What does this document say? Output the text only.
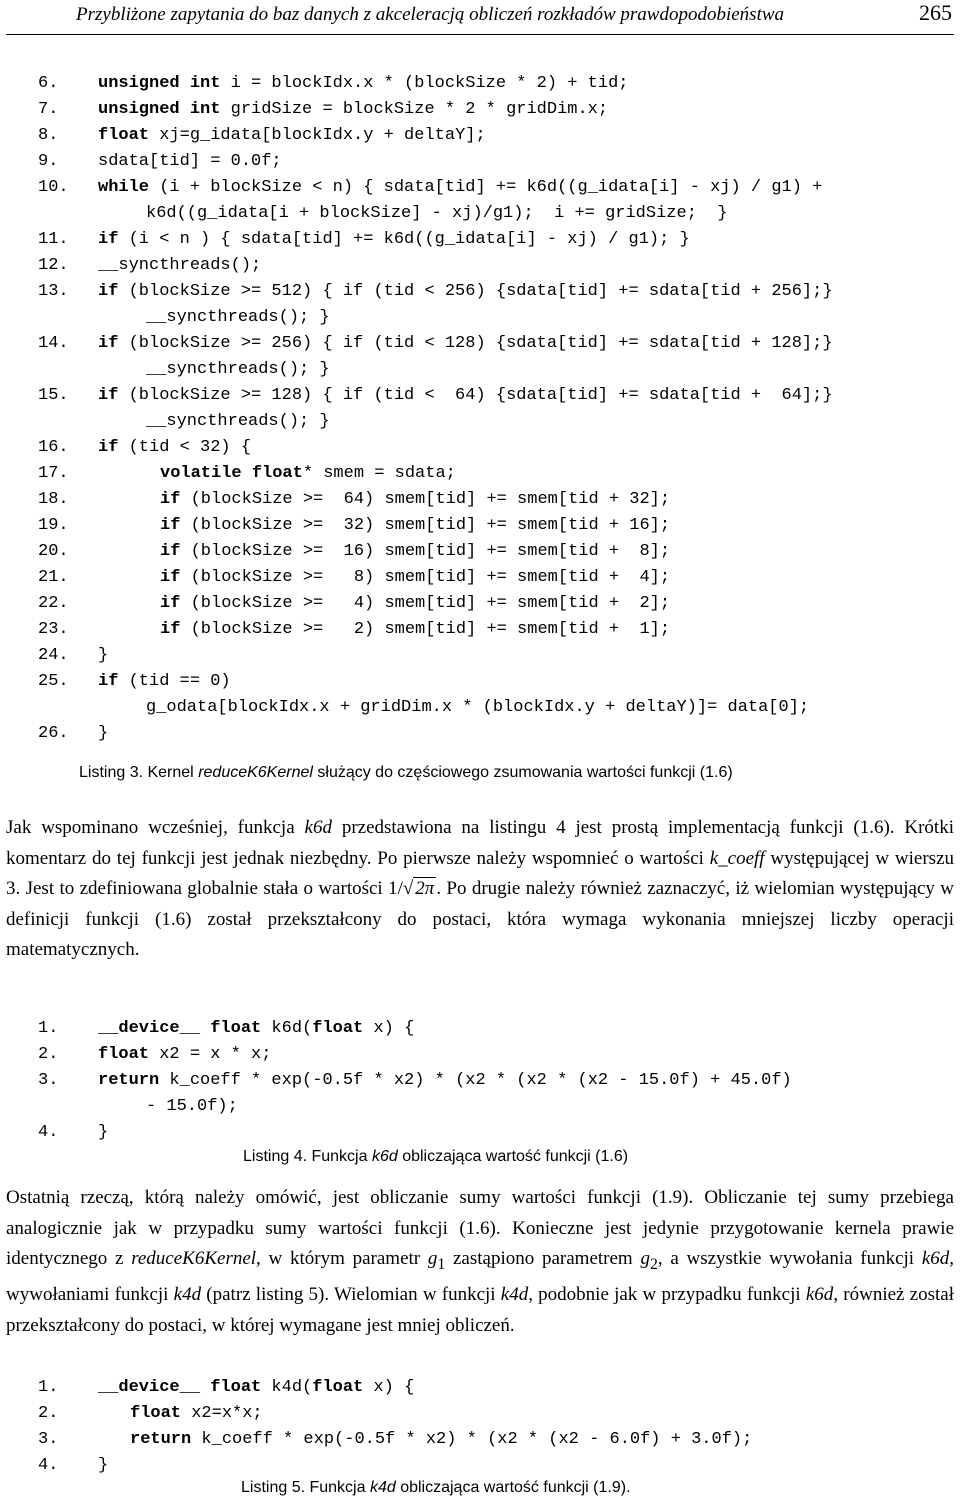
Przybliżone zapytania do baz danych z akceleracją obliczeń rozkładów prawdopodobieństwa	265
6. unsigned int i = blockIdx.x * (blockSize * 2) + tid;
7. unsigned int gridSize = blockSize * 2 * gridDim.x;
8. float xj=g_idata[blockIdx.y + deltaY];
9. sdata[tid] = 0.0f;
10. while (i + blockSize < n) { sdata[tid] += k6d((g_idata[i] - xj) / g1) +
k6d((g_idata[i + blockSize] - xj)/g1);  i += gridSize;  }
11. if (i < n ) { sdata[tid] += k6d((g_idata[i] - xj) / g1); }
12. __syncthreads();
13. if (blockSize >= 512) { if (tid < 256) {sdata[tid] += sdata[tid + 256];}
__syncthreads(); }
14. if (blockSize >= 256) { if (tid < 128) {sdata[tid] += sdata[tid + 128];}
__syncthreads(); }
15. if (blockSize >= 128) { if (tid <  64) {sdata[tid] += sdata[tid +  64];}
__syncthreads(); }
16. if (tid < 32) {
17.	volatile float* smem = sdata;
18.	if (blockSize >=  64) smem[tid] += smem[tid + 32];
19.	if (blockSize >=  32) smem[tid] += smem[tid + 16];
20.	if (blockSize >=  16) smem[tid] += smem[tid +  8];
21.	if (blockSize >=   8) smem[tid] += smem[tid +  4];
22.	if (blockSize >=   4) smem[tid] += smem[tid +  2];
23.	if (blockSize >=   2) smem[tid] += smem[tid +  1];
24. }
25. if (tid == 0)
g_odata[blockIdx.x + gridDim.x * (blockIdx.y + deltaY)]= data[0];
26. }
Listing 3. Kernel reduceK6Kernel służący do częściowego zsumowania wartości funkcji (1.6)
Jak wspominano wcześniej, funkcja k6d przedstawiona na listingu 4 jest prostą implementacją funkcji (1.6). Krótki komentarz do tej funkcji jest jednak niezbędny. Po pierwsze należy wspomnieć o wartości k_coeff występującej w wierszu 3. Jest to zdefiniowana globalnie stała o wartości 1/√ 2π . Po drugie należy również zaznaczyć, iż wielomian występujący w definicji funkcji (1.6) został przekształcony do postaci, która wymaga wykonania mniejszej liczby operacji matematycznych.
1. __device__ float k6d(float x) {
2. float x2 = x * x;
3. return k_coeff * exp(-0.5f * x2) * (x2 * (x2 * (x2 - 15.0f) + 45.0f)
- 15.0f);
4. }
Listing 4. Funkcja k6d obliczająca wartość funkcji (1.6)
Ostatnią rzeczą, którą należy omówić, jest obliczanie sumy wartości funkcji (1.9). Obliczanie tej sumy przebiega analogicznie jak w przypadku sumy wartości funkcji (1.6). Konieczne jest jedynie przygotowanie kernela prawie identycznego z reduceK6Kernel, w którym parametr $g_1$ zastąpiono parametrem $g_2$, a wszystkie wywołania funkcji k6d, wywołaniami funkcji k4d (patrz listing 5). Wielomian w funkcji k4d, podobnie jak w przypadku funkcji k6d, również został przekształcony do postaci, w której wymagane jest mniej obliczeń.
1. __device__ float k4d(float x) {
2.	float x2=x*x;
3.	return k_coeff * exp(-0.5f * x2) * (x2 * (x2 - 6.0f) + 3.0f);
4. }
Listing 5. Funkcja k4d obliczająca wartość funkcji (1.9).
